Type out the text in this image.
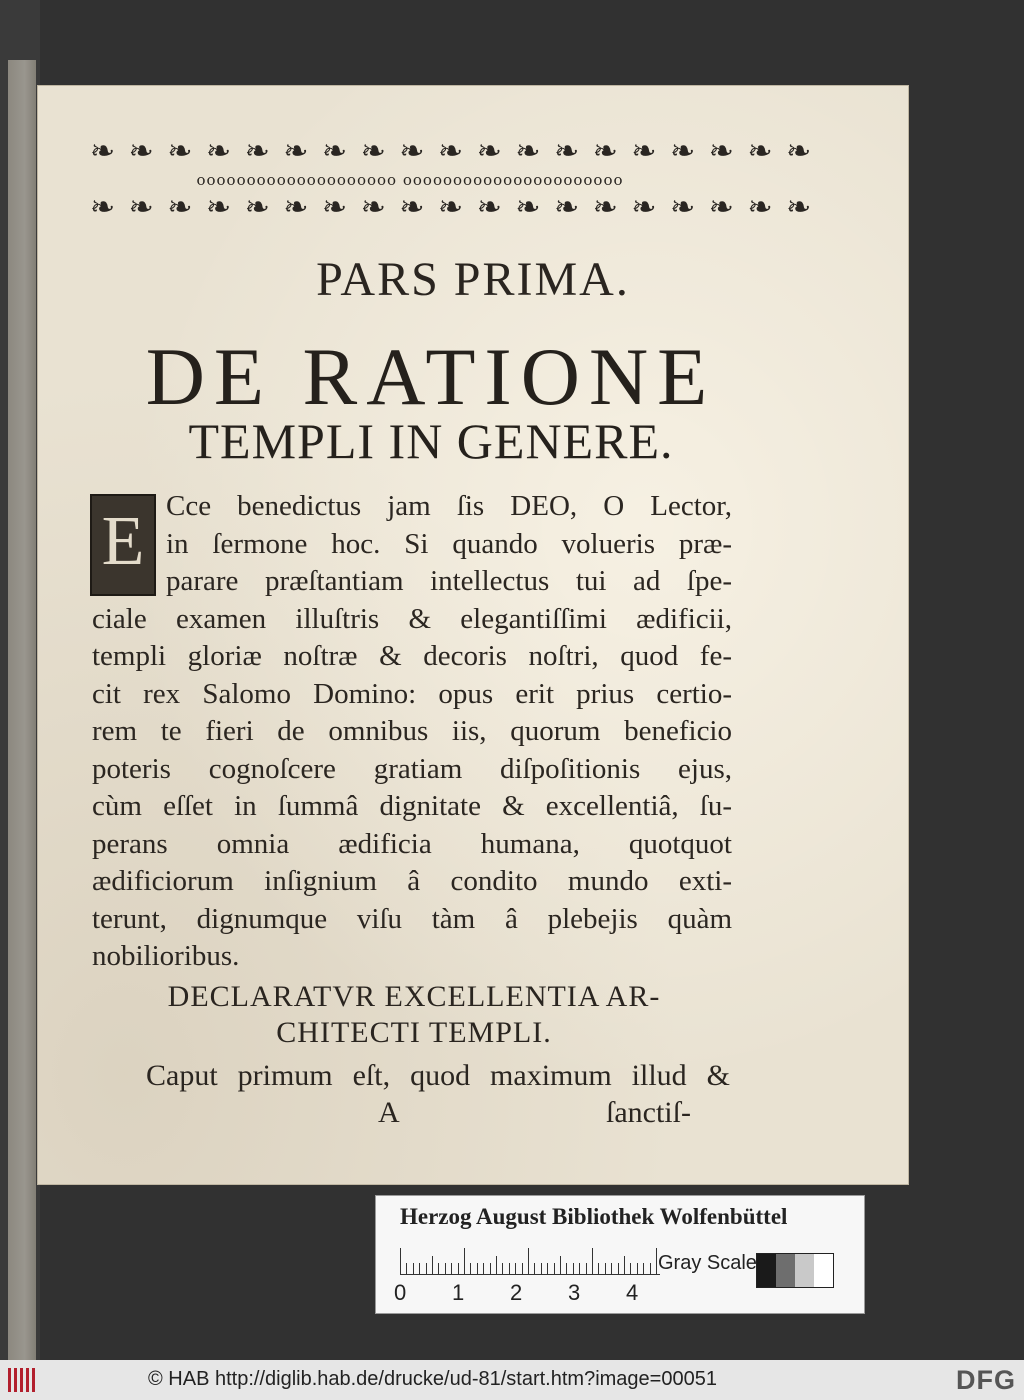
❧ ❧ ❧ ❧ ❧ ❧ ❧ ❧ ❧ ❧ ❧ ❧ ❧ ❧ ❧ ❧ ❧ ❧ ❧
oooooooooooooooooooo oooooooooooooooooooooo
❧ ❧ ❧ ❧ ❧ ❧ ❧ ❧ ❧ ❧ ❧ ❧ ❧ ❧ ❧ ❧ ❧ ❧ ❧
PARS PRIMA.
DE RATIONE
TEMPLI IN GENERE.
E Cce benedictus jam ſis DEO, O Lector,
in ſermone hoc. Si quando volueris præ-
parare præſtantiam intellectus tui ad ſpe-
ciale examen illuſtris & elegantiſſimi ædificii,
templi gloriæ noſtræ & decoris noſtri, quod fe-
cit rex Salomo Domino: opus erit prius certio-
rem te fieri de omnibus iis, quorum beneficio
poteris cognoſcere gratiam diſpoſitionis ejus,
cùm eſſet in ſummâ dignitate & excellentiâ, ſu-
perans omnia ædificia humana, quotquot
ædificiorum inſignium â condito mundo exti-
terunt, dignumque viſu tàm â plebejis quàm
nobilioribus.
DECLARATVR EXCELLENTIA AR-
CHITECTI TEMPLI.
Caput primum eſt, quod maximum illud &
A	ſanctiſ-
Herzog August Bibliothek Wolfenbüttel
0 1 2 3 4
Gray Scale
© HAB http://diglib.hab.de/drucke/ud-81/start.htm?image=00051	DFG
